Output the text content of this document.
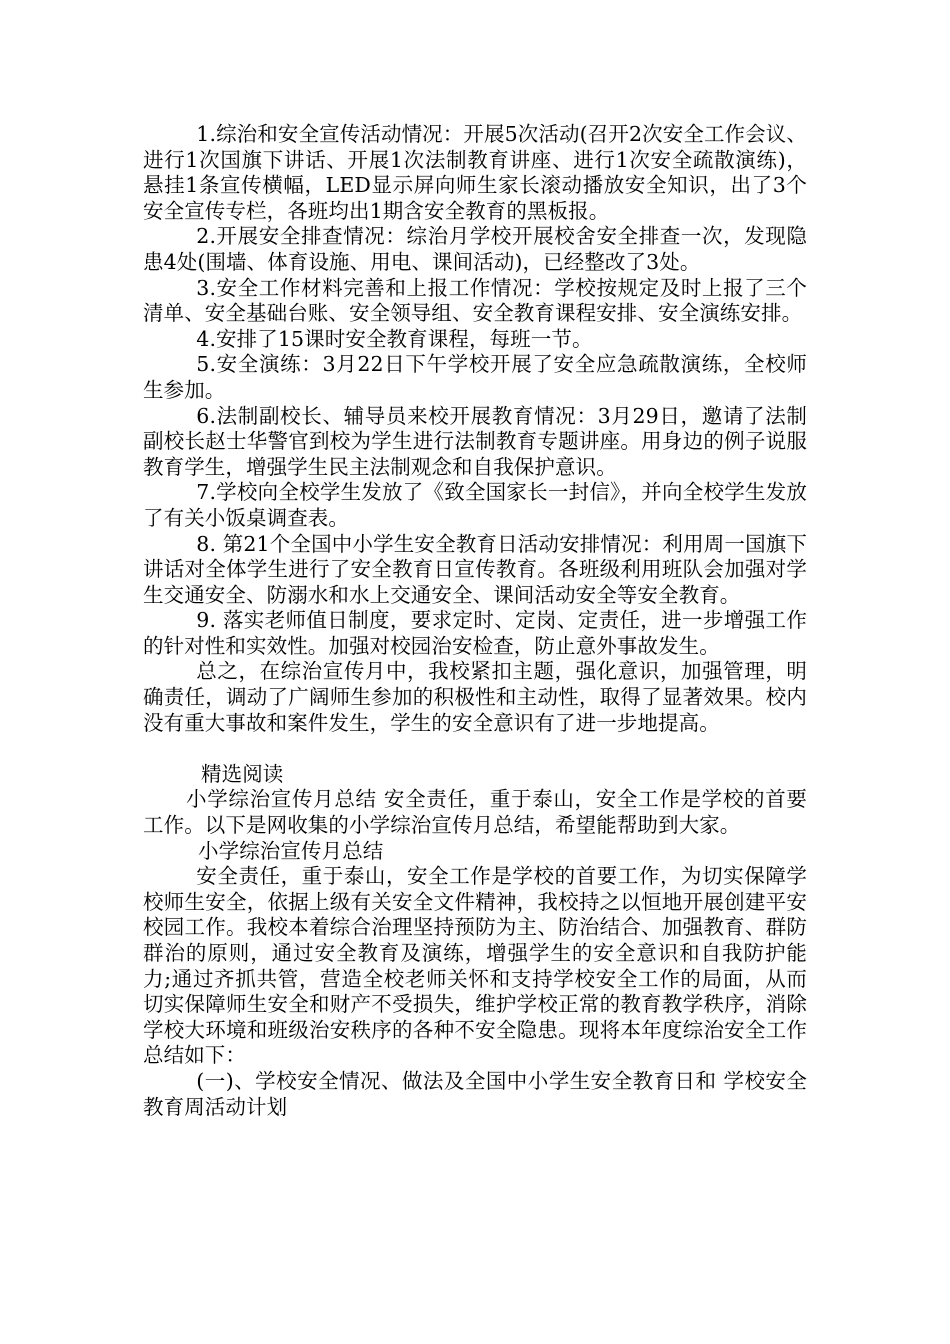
1.综治和安全宣传活动情况：开展5次活动(召开2次安全工作会议、进行1次国旗下讲话、开展1次法制教育讲座、进行1次安全疏散演练)，悬挂1条宣传横幅，LED显示屏向师生家长滚动播放安全知识，出了3个安全宣传专栏，各班均出1期含安全教育的黑板报。

2.开展安全排查情况：综治月学校开展校舍安全排查一次，发现隐患4处(围墙、体育设施、用电、课间活动)，已经整改了3处。

3.安全工作材料完善和上报工作情况：学校按规定及时上报了三个清单、安全基础台账、安全领导组、安全教育课程安排、安全演练安排。

4.安排了15课时安全教育课程，每班一节。

5.安全演练：3月22日下午学校开展了安全应急疏散演练，全校师生参加。

6.法制副校长、辅导员来校开展教育情况：3月29日，邀请了法制副校长赵士华警官到校为学生进行法制教育专题讲座。用身边的例子说服教育学生，增强学生民主法制观念和自我保护意识。

7.学校向全校学生发放了《致全国家长一封信》，并向全校学生发放了有关小饭桌调查表。

8. 第21个全国中小学生安全教育日活动安排情况：利用周一国旗下讲话对全体学生进行了安全教育日宣传教育。各班级利用班队会加强对学生交通安全、防溺水和水上交通安全、课间活动安全等安全教育。

9. 落实老师值日制度，要求定时、定岗、定责任，进一步增强工作的针对性和实效性。加强对校园治安检查，防止意外事故发生。

总之，在综治宣传月中，我校紧扣主题，强化意识，加强管理，明确责任，调动了广阔师生参加的积极性和主动性，取得了显著效果。校内没有重大事故和案件发生，学生的安全意识有了进一步地提高。

精选阅读

小学综治宣传月总结 安全责任，重于泰山，安全工作是学校的首要工作。以下是网收集的小学综治宣传月总结，希望能帮助到大家。

小学综治宣传月总结

安全责任，重于泰山，安全工作是学校的首要工作，为切实保障学校师生安全，依据上级有关安全文件精神，我校持之以恒地开展创建平安校园工作。我校本着综合治理坚持预防为主、防治结合、加强教育、群防群治的原则，通过安全教育及演练，增强学生的安全意识和自我防护能力;通过齐抓共管，营造全校老师关怀和支持学校安全工作的局面，从而切实保障师生安全和财产不受损失，维护学校正常的教育教学秩序，消除学校大环境和班级治安秩序的各种不安全隐患。现将本年度综治安全工作总结如下：

(一)、学校安全情况、做法及全国中小学生安全教育日和 学校安全教育周活动计划
